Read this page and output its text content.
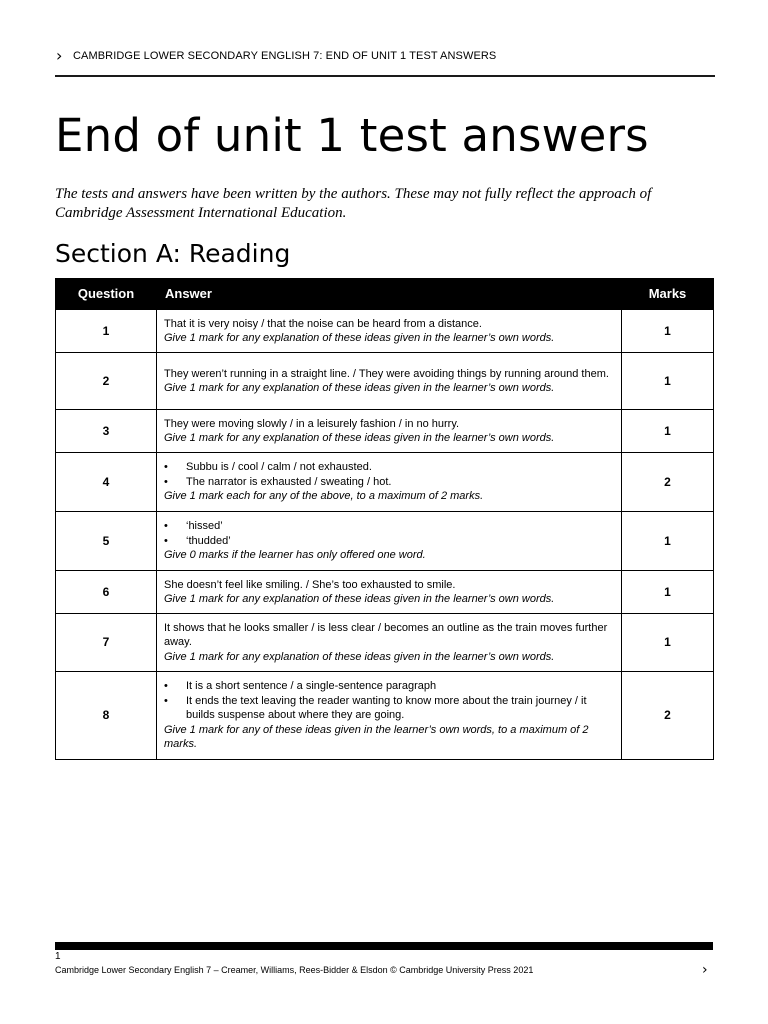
› CAMBRIDGE LOWER SECONDARY ENGLISH 7: END OF UNIT 1 TEST ANSWERS
End of unit 1 test answers

The tests and answers have been written by the authors. These may not fully reflect the approach of Cambridge Assessment International Education.

Section A: Reading
Question	Answer	Marks
1	That it is very noisy / that the noise can be heard from a distance.
Give 1 mark for any explanation of these ideas given in the learner’s own words.	1
2	They weren’t running in a straight line. / They were avoiding things by running around them.
Give 1 mark for any explanation of these ideas given in the learner’s own words.	1
3	They were moving slowly / in a leisurely fashion / in no hurry.
Give 1 mark for any explanation of these ideas given in the learner’s own words.	1
4	• Subbu is / cool / calm / not exhausted.
• The narrator is exhausted / sweating / hot.
Give 1 mark each for any of the above, to a maximum of 2 marks.	2
5	• ‘hissed’
• ‘thudded’
Give 0 marks if the learner has only offered one word.	1
6	She doesn’t feel like smiling. / She’s too exhausted to smile.
Give 1 mark for any explanation of these ideas given in the learner’s own words.	1
7	It shows that he looks smaller / is less clear / becomes an outline as the train moves further away.
Give 1 mark for any explanation of these ideas given in the learner’s own words.	1
8	• It is a short sentence / a single-sentence paragraph
• It ends the text leaving the reader wanting to know more about the train journey / it builds suspense about where they are going.
Give 1 mark for any of these ideas given in the learner’s own words, to a maximum of 2 marks.	2
1
Cambridge Lower Secondary English 7 – Creamer, Williams, Rees-Bidder & Elsdon © Cambridge University Press 2021	›
